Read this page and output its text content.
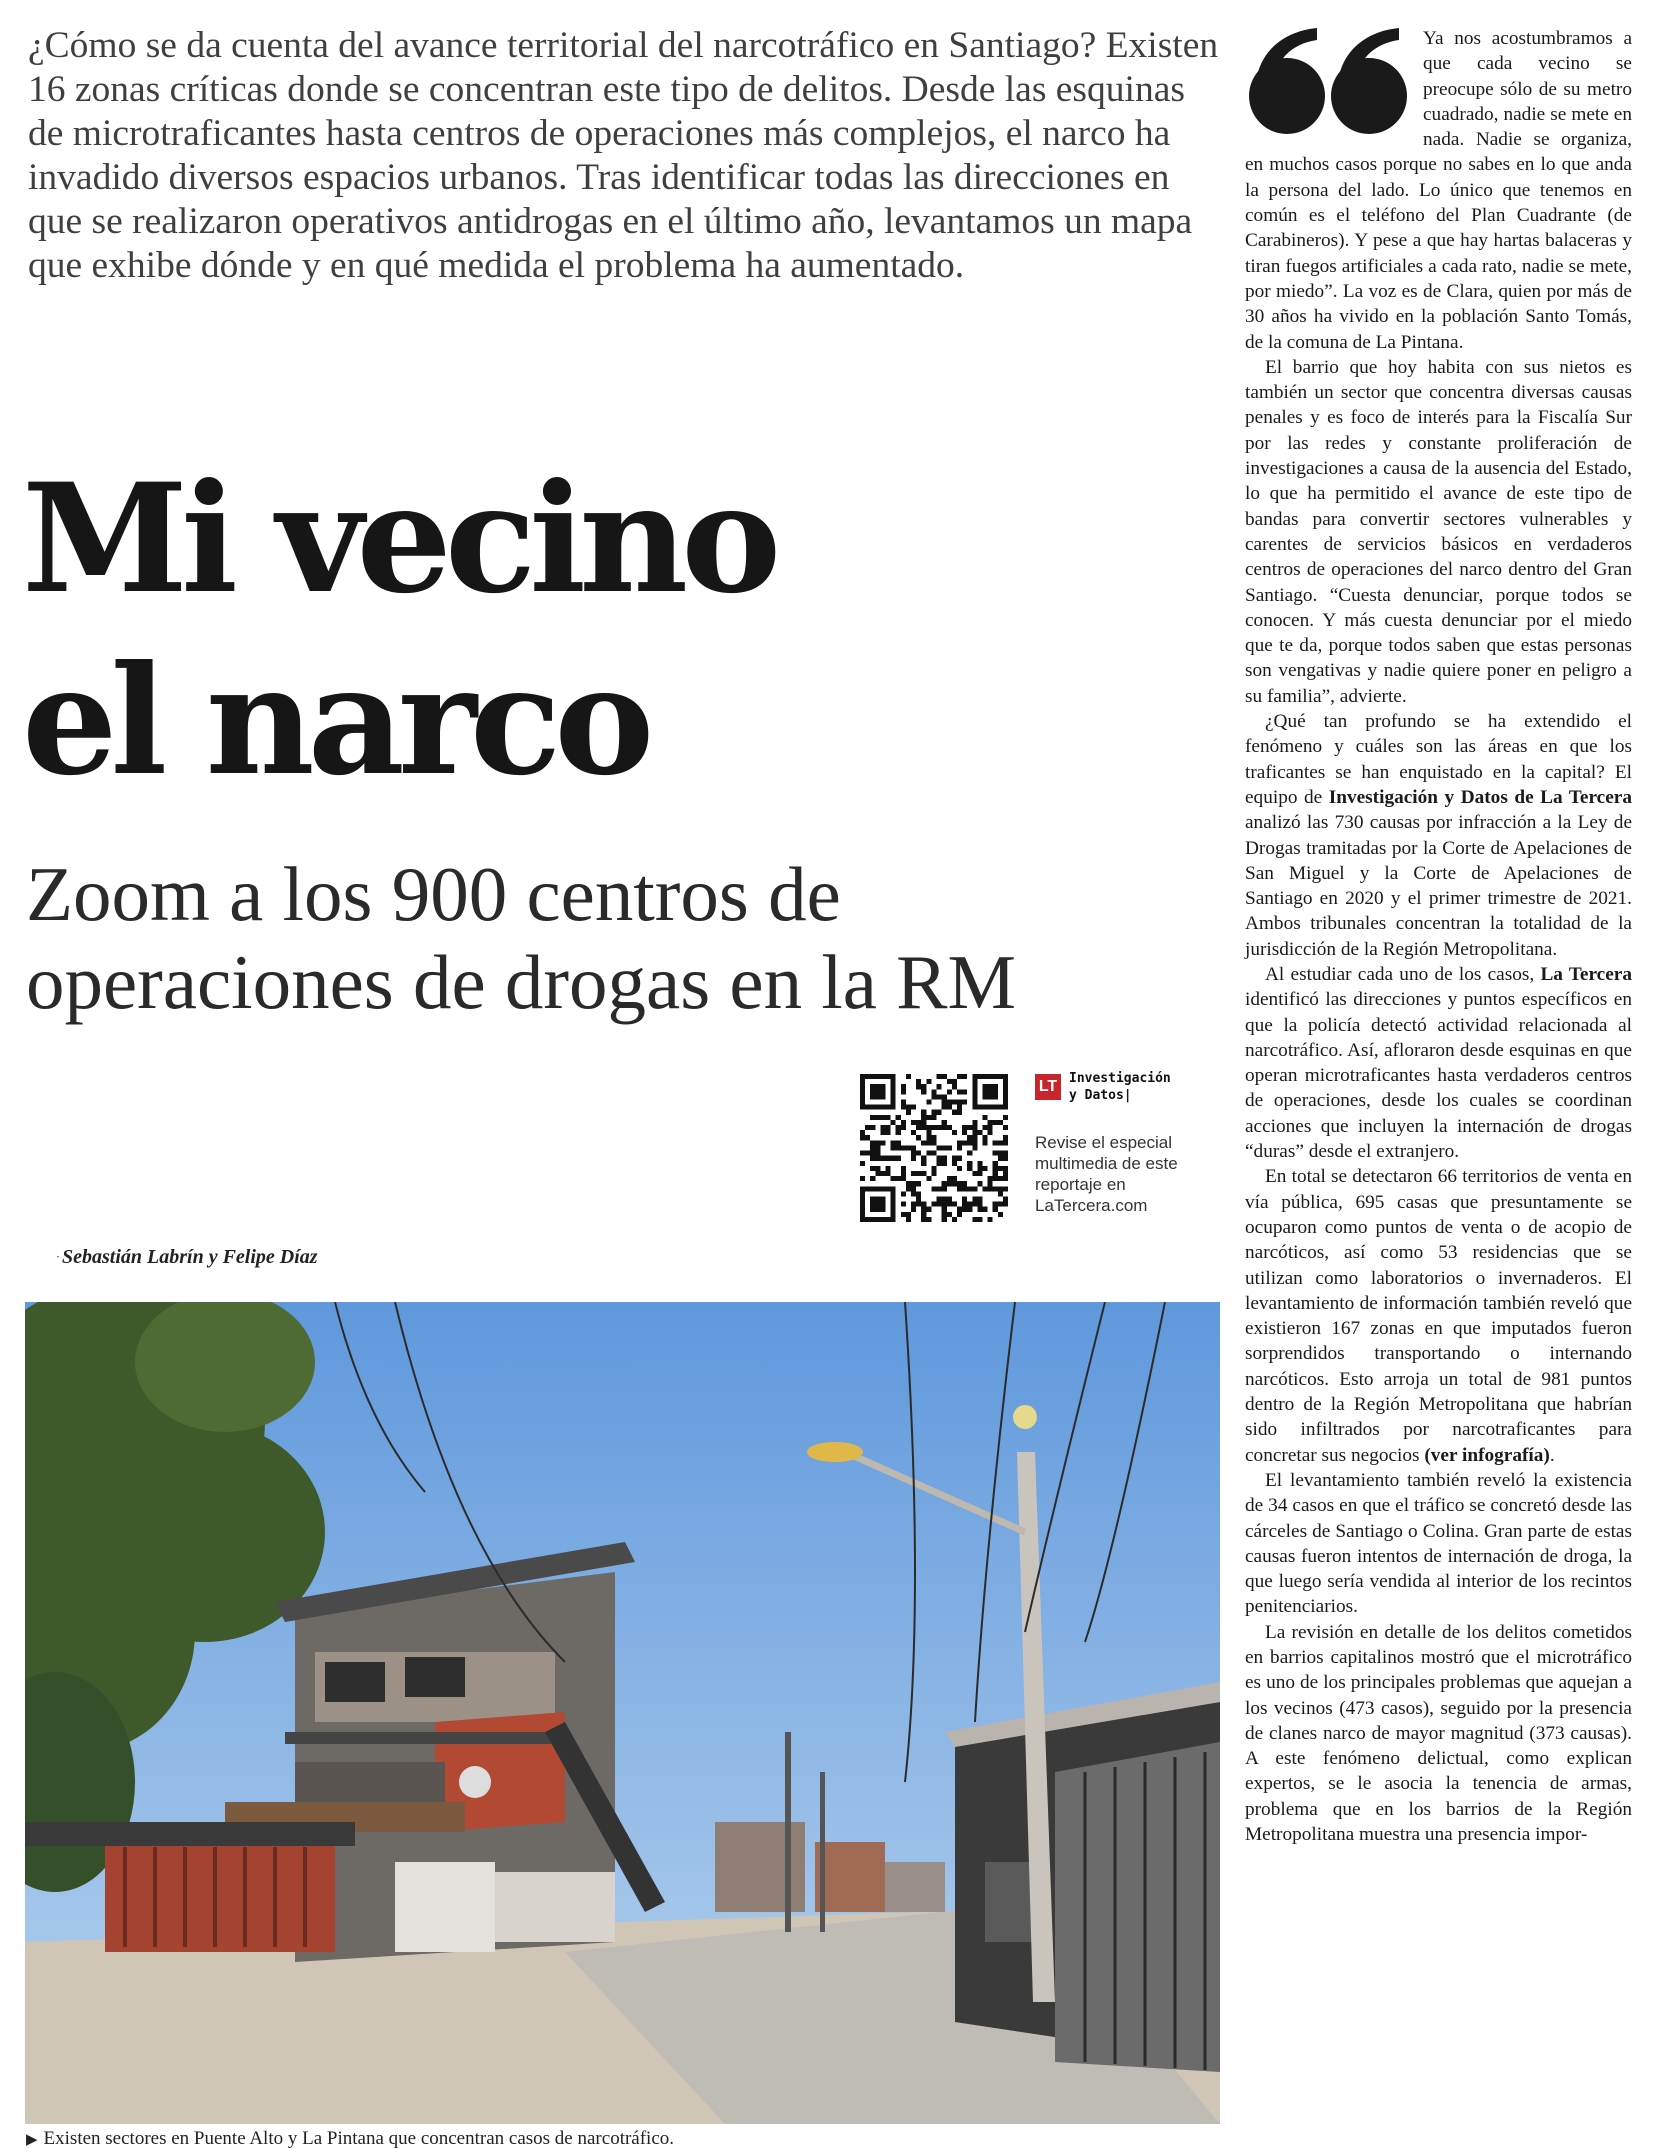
¿Cómo se da cuenta del avance territorial del narcotráfico en Santiago? Existen 16 zonas críticas donde se concentran este tipo de delitos. Desde las esquinas de microtraficantes hasta centros de operaciones más complejos, el narco ha invadido diversos espacios urbanos. Tras identificar todas las direcciones en que se realizaron operativos antidrogas en el último año, levantamos un mapa que exhibe dónde y en qué medida el problema ha aumentado.

Mi vecino
el narco
Zoom a los 900 centros de operaciones de drogas en la RM
LT Investigación
y Datos|
Revise el especial
multimedia de este
reportaje en
LaTercera.com
· Sebastián Labrín y Felipe Díaz
▶ Existen sectores en Puente Alto y La Pintana que concentran casos de narcotráfico.

Ya nos acostumbramos a que cada vecino se preocupe sólo de su metro cuadrado, nadie se mete en nada. Nadie se organiza, en muchos casos porque no sabes en lo que anda la persona del lado. Lo único que tenemos en común es el teléfono del Plan Cuadrante (de Carabineros). Y pese a que hay hartas balaceras y tiran fuegos artificiales a cada rato, nadie se mete, por miedo”. La voz es de Clara, quien por más de 30 años ha vivido en la población Santo Tomás, de la comuna de La Pintana.

El barrio que hoy habita con sus nietos es también un sector que concentra diversas causas penales y es foco de interés para la Fiscalía Sur por las redes y constante proliferación de investigaciones a causa de la ausencia del Estado, lo que ha permitido el avance de este tipo de bandas para convertir sectores vulnerables y carentes de servicios básicos en verdaderos centros de operaciones del narco dentro del Gran Santiago. “Cuesta denunciar, porque todos se conocen. Y más cuesta denunciar por el miedo que te da, porque todos saben que estas personas son vengativas y nadie quiere poner en peligro a su familia”, advierte.

¿Qué tan profundo se ha extendido el fenómeno y cuáles son las áreas en que los traficantes se han enquistado en la capital? El equipo de Investigación y Datos de La Tercera analizó las 730 causas por infracción a la Ley de Drogas tramitadas por la Corte de Apelaciones de San Miguel y la Corte de Apelaciones de Santiago en 2020 y el primer trimestre de 2021. Ambos tribunales concentran la totalidad de la jurisdicción de la Región Metropolitana.

Al estudiar cada uno de los casos, La Tercera identificó las direcciones y puntos específicos en que la policía detectó actividad relacionada al narcotráfico. Así, afloraron desde esquinas en que operan microtraficantes hasta verdaderos centros de operaciones, desde los cuales se coordinan acciones que incluyen la internación de drogas “duras” desde el extranjero.

En total se detectaron 66 territorios de venta en vía pública, 695 casas que presuntamente se ocuparon como puntos de venta o de acopio de narcóticos, así como 53 residencias que se utilizan como laboratorios o invernaderos. El levantamiento de información también reveló que existieron 167 zonas en que imputados fueron sorprendidos transportando o internando narcóticos. Esto arroja un total de 981 puntos dentro de la Región Metropolitana que habrían sido infiltrados por narcotraficantes para concretar sus negocios (ver infografía).

El levantamiento también reveló la existencia de 34 casos en que el tráfico se concretó desde las cárceles de Santiago o Colina. Gran parte de estas causas fueron intentos de internación de droga, la que luego sería vendida al interior de los recintos penitenciarios.

La revisión en detalle de los delitos cometidos en barrios capitalinos mostró que el microtráfico es uno de los principales problemas que aquejan a los vecinos (473 casos), seguido por la presencia de clanes narco de mayor magnitud (373 causas). A este fenómeno delictual, como explican expertos, se le asocia la tenencia de armas, problema que en los barrios de la Región Metropolitana muestra una presencia impor-
